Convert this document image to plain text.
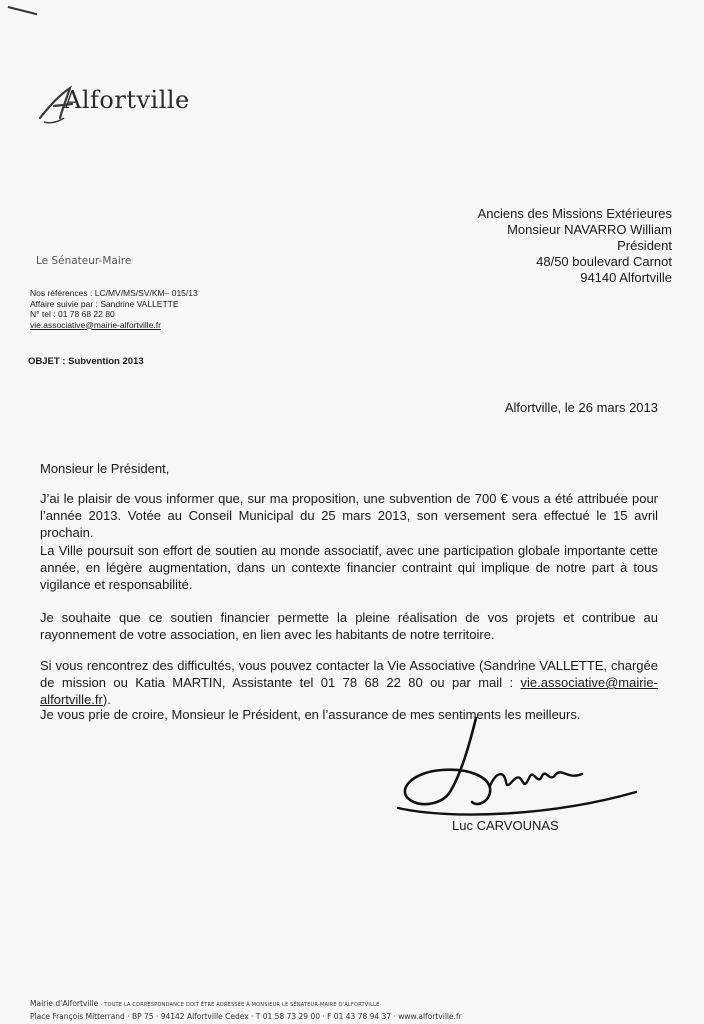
Alfortville
Anciens des Missions Extérieures
Monsieur NAVARRO William
Président
48/50 boulevard Carnot
94140 Alfortville
Le Sénateur-Maire
Nos références : LC/MV/MS/SV/KM– 015/13
Affaire suivie par : Sandrine VALLETTE
N° tel : 01 78 68 22 80
vie.associative@mairie-alfortville.fr
OBJET : Subvention 2013
Alfortville, le 26 mars 2013
Monsieur le Président,
J’ai le plaisir de vous informer que, sur ma proposition, une subvention de 700 € vous a été attribuée pour l’année 2013. Votée au Conseil Municipal du 25 mars 2013, son versement sera effectué le 15 avril prochain.
La Ville poursuit son effort de soutien au monde associatif, avec une participation globale importante cette année, en légère augmentation, dans un contexte financier contraint qui implique de notre part à tous vigilance et responsabilité.
Je souhaite que ce soutien financier permette la pleine réalisation de vos projets et contribue au rayonnement de votre association, en lien avec les habitants de notre territoire.
Si vous rencontrez des difficultés, vous pouvez contacter la Vie Associative (Sandrine VALLETTE, chargée de mission ou Katia MARTIN, Assistante tel 01 78 68 22 80 ou par mail : vie.associative@mairie-alfortville.fr).
Je vous prie de croire, Monsieur le Président, en l’assurance de mes sentiments les meilleurs.
Luc CARVOUNAS
Mairie d’Alfortville · TOUTE LA CORRESPONDANCE DOIT ÊTRE ADRESSÉE À MONSIEUR LE SÉNATEUR-MAIRE D’ALFORTVILLE
Place François Mitterrand · BP 75 · 94142 Alfortville Cedex · T 01 58 73 29 00 · F 01 43 78 94 37 · www.alfortville.fr
